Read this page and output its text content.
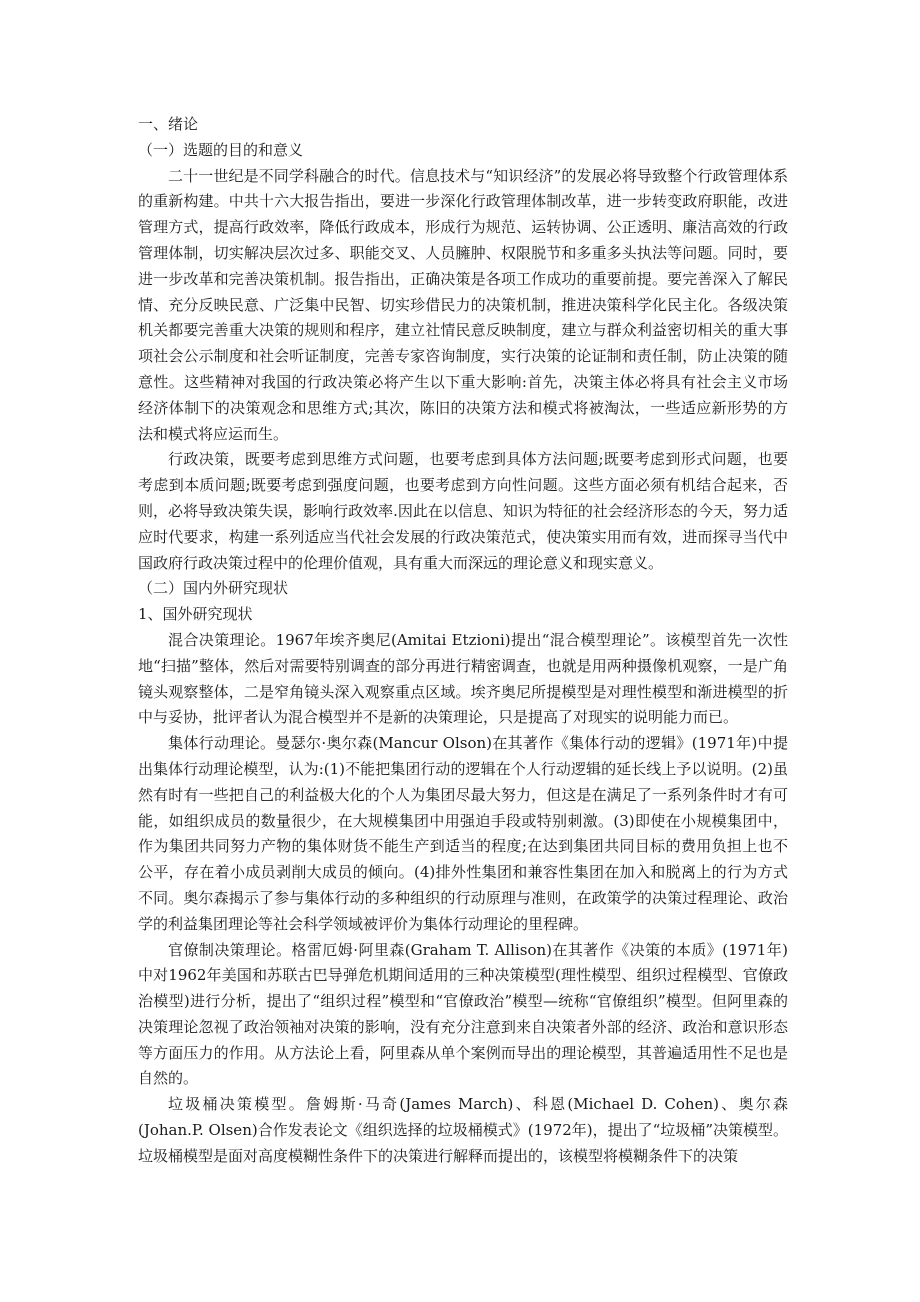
一、绪论

（一）选题的目的和意义

二十一世纪是不同学科融合的时代。信息技术与“知识经济”的发展必将导致整个行政管理体系的重新构建。中共十六大报告指出，要进一步深化行政管理体制改革，进一步转变政府职能，改进管理方式，提高行政效率，降低行政成本，形成行为规范、运转协调、公正透明、廉洁高效的行政管理体制，切实解决层次过多、职能交叉、人员臃肿、权限脱节和多重多头执法等问题。同时，要进一步改革和完善决策机制。报告指出，正确决策是各项工作成功的重要前提。要完善深入了解民情、充分反映民意、广泛集中民智、切实珍借民力的决策机制，推进决策科学化民主化。各级决策机关都要完善重大决策的规则和程序，建立社情民意反映制度，建立与群众利益密切相关的重大事项社会公示制度和社会听证制度，完善专家咨询制度，实行决策的论证制和责任制，防止决策的随意性。这些精神对我国的行政决策必将产生以下重大影响:首先，决策主体必将具有社会主义市场经济体制下的决策观念和思维方式;其次，陈旧的决策方法和模式将被淘汰，一些适应新形势的方法和模式将应运而生。

行政决策，既要考虑到思维方式问题，也要考虑到具体方法问题;既要考虑到形式问题，也要考虑到本质问题;既要考虑到强度问题，也要考虑到方向性问题。这些方面必须有机结合起来，否则，必将导致决策失误，影响行政效率.因此在以信息、知识为特征的社会经济形态的今天，努力适应时代要求，构建一系列适应当代社会发展的行政决策范式，使决策实用而有效，进而探寻当代中国政府行政决策过程中的伦理价值观，具有重大而深远的理论意义和现实意义。

（二）国内外研究现状

1、国外研究现状

混合决策理论。1967年埃齐奥尼(Amitai Etzioni)提出“混合模型理论”。该模型首先一次性地“扫描”整体，然后对需要特别调查的部分再进行精密调查，也就是用两种摄像机观察，一是广角镜头观察整体，二是窄角镜头深入观察重点区域。埃齐奥尼所提模型是对理性模型和渐进模型的折中与妥协，批评者认为混合模型并不是新的决策理论，只是提高了对现实的说明能力而已。

集体行动理论。曼瑟尔·奥尔森(Mancur Olson)在其著作《集体行动的逻辑》(1971年)中提出集体行动理论模型，认为:(1)不能把集团行动的逻辑在个人行动逻辑的延长线上予以说明。(2)虽然有时有一些把自己的利益极大化的个人为集团尽最大努力，但这是在满足了一系列条件时才有可能，如组织成员的数量很少，在大规模集团中用强迫手段或特别刺激。(3)即使在小规模集团中，作为集团共同努力产物的集体财货不能生产到适当的程度;在达到集团共同目标的费用负担上也不公平，存在着小成员剥削大成员的倾向。(4)排外性集团和兼容性集团在加入和脱离上的行为方式不同。奥尔森揭示了参与集体行动的多种组织的行动原理与准则，在政策学的决策过程理论、政治学的利益集团理论等社会科学领域被评价为集体行动理论的里程碑。

官僚制决策理论。格雷厄姆·阿里森(Graham T. Allison)在其著作《决策的本质》(1971年)中对1962年美国和苏联古巴导弹危机期间适用的三种决策模型(理性模型、组织过程模型、官僚政治模型)进行分析，提出了“组织过程”模型和“官僚政治”模型—统称“官僚组织”模型。但阿里森的决策理论忽视了政治领袖对决策的影响，没有充分注意到来自决策者外部的经济、政治和意识形态等方面压力的作用。从方法论上看，阿里森从单个案例而导出的理论模型，其普遍适用性不足也是自然的。

垃圾桶决策模型。詹姆斯·马奇(James March)、科恩(Michael D. Cohen)、奥尔森(Johan.P. Olsen)合作发表论文《组织选择的垃圾桶模式》(1972年)，提出了“垃圾桶”决策模型。垃圾桶模型是面对高度模糊性条件下的决策进行解释而提出的，该模型将模糊条件下的决策
